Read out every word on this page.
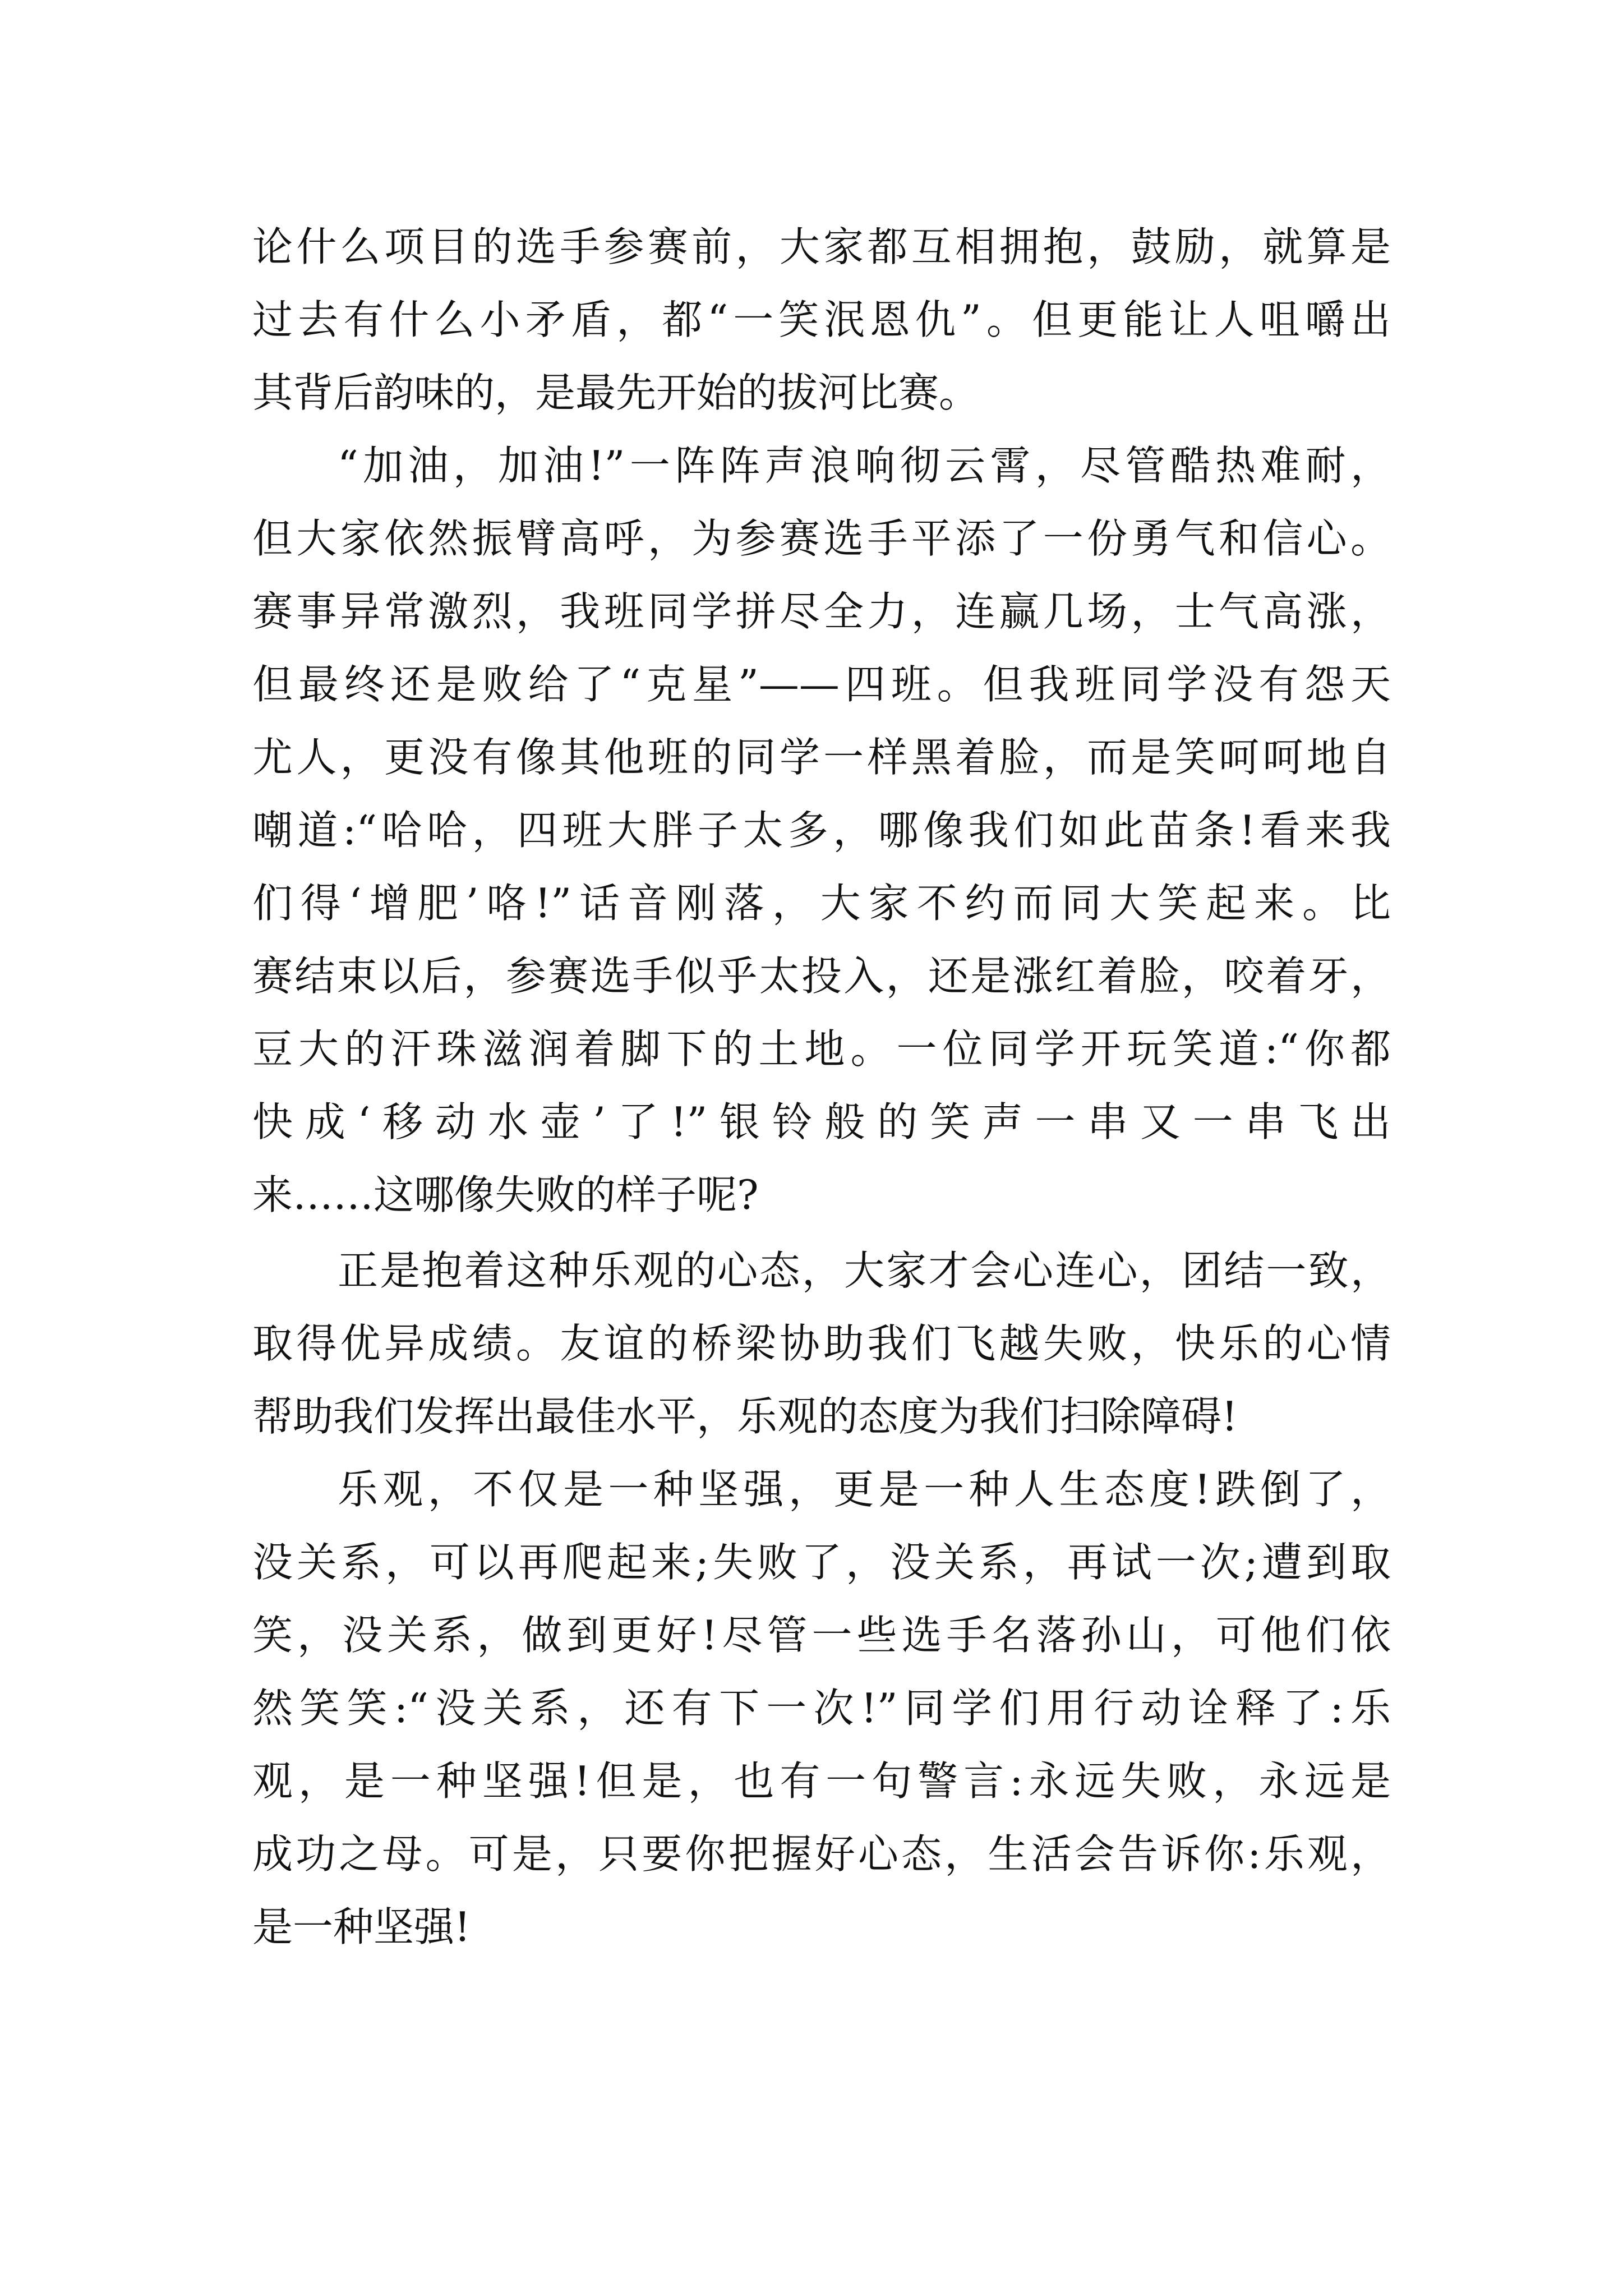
论什么项目的选手参赛前，大家都互相拥抱，鼓励，就算是
过去有什么小矛盾，都“一笑泯恩仇”。但更能让人咀嚼出
其背后韵味的，是最先开始的拔河比赛。
“加油，加油!”一阵阵声浪响彻云霄，尽管酷热难耐，
但大家依然振臂高呼，为参赛选手平添了一份勇气和信心。
赛事异常激烈，我班同学拼尽全力，连赢几场，士气高涨，
但最终还是败给了“克星”——四班。但我班同学没有怨天
尤人，更没有像其他班的同学一样黑着脸，而是笑呵呵地自
嘲道:“哈哈，四班大胖子太多，哪像我们如此苗条!看来我
们得‘增肥’咯!”话音刚落，大家不约而同大笑起来。比
赛结束以后，参赛选手似乎太投入，还是涨红着脸，咬着牙，
豆大的汗珠滋润着脚下的土地。一位同学开玩笑道:“你都
快成‘移动水壶’了!”银铃般的笑声一串又一串飞出
来……这哪像失败的样子呢?
正是抱着这种乐观的心态，大家才会心连心，团结一致，
取得优异成绩。友谊的桥梁协助我们飞越失败，快乐的心情
帮助我们发挥出最佳水平，乐观的态度为我们扫除障碍!
乐观，不仅是一种坚强，更是一种人生态度!跌倒了，
没关系，可以再爬起来;失败了，没关系，再试一次;遭到取
笑，没关系，做到更好!尽管一些选手名落孙山，可他们依
然笑笑:“没关系，还有下一次!”同学们用行动诠释了:乐
观，是一种坚强!但是，也有一句警言:永远失败，永远是
成功之母。可是，只要你把握好心态，生活会告诉你:乐观，
是一种坚强!
